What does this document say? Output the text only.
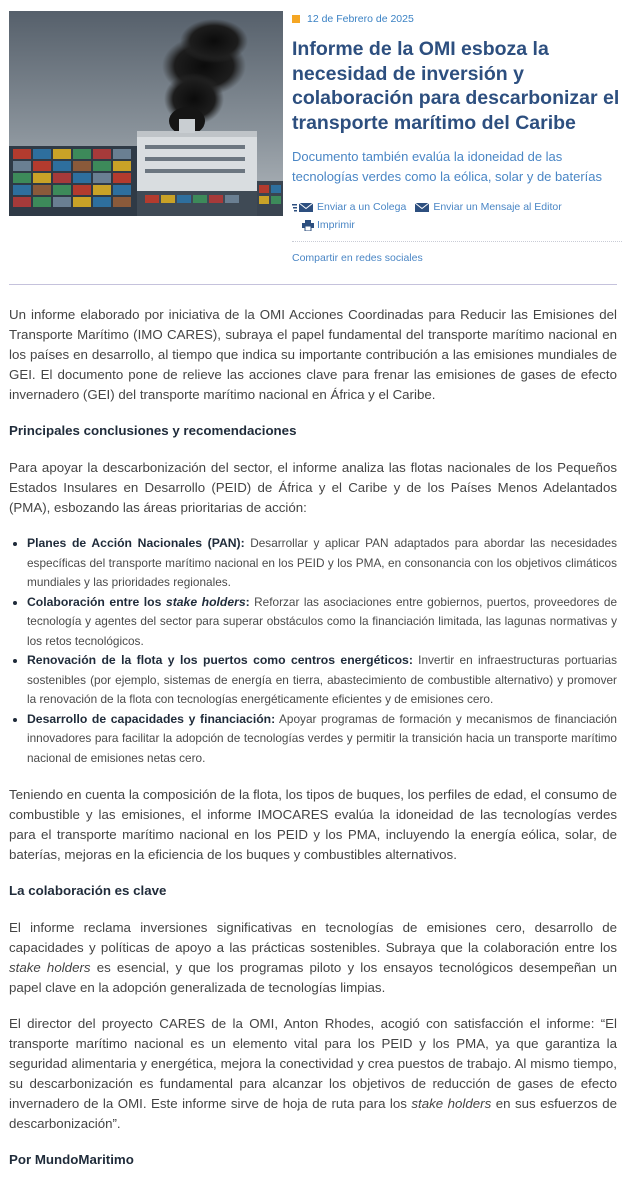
12 de Febrero de 2025
Informe de la OMI esboza la necesidad de inversión y colaboración para descarbonizar el transporte marítimo del Caribe

Documento también evalúa la idoneidad de las tecnologías verdes como la eólica, solar y de baterías

Enviar a un Colega	Enviar un Mensaje al Editor
Imprimir
Compartir en redes sociales

Un informe elaborado por iniciativa de la OMI Acciones Coordinadas para Reducir las Emisiones del Transporte Marítimo (IMO CARES), subraya el papel fundamental del transporte marítimo nacional en los países en desarrollo, al tiempo que indica su importante contribución a las emisiones mundiales de GEI. El documento pone de relieve las acciones clave para frenar las emisiones de gases de efecto invernadero (GEI) del transporte marítimo nacional en África y el Caribe.

Principales conclusiones y recomendaciones

Para apoyar la descarbonización del sector, el informe analiza las flotas nacionales de los Pequeños Estados Insulares en Desarrollo (PEID) de África y el Caribe y de los Países Menos Adelantados (PMA), esbozando las áreas prioritarias de acción:

• Planes de Acción Nacionales (PAN): Desarrollar y aplicar PAN adaptados para abordar las necesidades específicas del transporte marítimo nacional en los PEID y los PMA, en consonancia con los objetivos climáticos mundiales y las prioridades regionales.
• Colaboración entre los stake holders: Reforzar las asociaciones entre gobiernos, puertos, proveedores de tecnología y agentes del sector para superar obstáculos como la financiación limitada, las lagunas normativas y los retos tecnológicos.
• Renovación de la flota y los puertos como centros energéticos: Invertir en infraestructuras portuarias sostenibles (por ejemplo, sistemas de energía en tierra, abastecimiento de combustible alternativo) y promover la renovación de la flota con tecnologías energéticamente eficientes y de emisiones cero.
• Desarrollo de capacidades y financiación: Apoyar programas de formación y mecanismos de financiación innovadores para facilitar la adopción de tecnologías verdes y permitir la transición hacia un transporte marítimo nacional de emisiones netas cero.

Teniendo en cuenta la composición de la flota, los tipos de buques, los perfiles de edad, el consumo de combustible y las emisiones, el informe IMOCARES evalúa la idoneidad de las tecnologías verdes para el transporte marítimo nacional en los PEID y los PMA, incluyendo la energía eólica, solar, de baterías, mejoras en la eficiencia de los buques y combustibles alternativos.

La colaboración es clave

El informe reclama inversiones significativas en tecnologías de emisiones cero, desarrollo de capacidades y políticas de apoyo a las prácticas sostenibles. Subraya que la colaboración entre los stake holders es esencial, y que los programas piloto y los ensayos tecnológicos desempeñan un papel clave en la adopción generalizada de tecnologías limpias.

El director del proyecto CARES de la OMI, Anton Rhodes, acogió con satisfacción el informe: “El transporte marítimo nacional es un elemento vital para los PEID y los PMA, ya que garantiza la seguridad alimentaria y energética, mejora la conectividad y crea puestos de trabajo. Al mismo tiempo, su descarbonización es fundamental para alcanzar los objetivos de reducción de gases de efecto invernadero de la OMI. Este informe sirve de hoja de ruta para los stake holders en sus esfuerzos de descarbonización”.

Por MundoMaritimo
